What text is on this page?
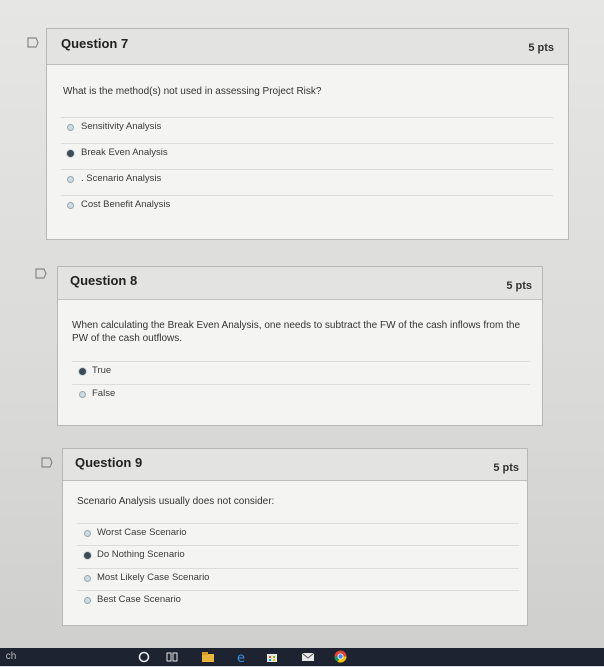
Question 7	5 pts
What is the method(s) not used in assessing Project Risk?
Sensitivity Analysis
Break Even Analysis
. Scenario Analysis
Cost Benefit Analysis
Question 8	5 pts
When calculating the Break Even Analysis, one needs to subtract the FW of the cash inflows from the PW of the cash outflows.
True
False
Question 9	5 pts
Scenario Analysis usually does not consider:
Worst Case Scenario
Do Nothing Scenario
Most Likely Case Scenario
Best Case Scenario
ch	e
